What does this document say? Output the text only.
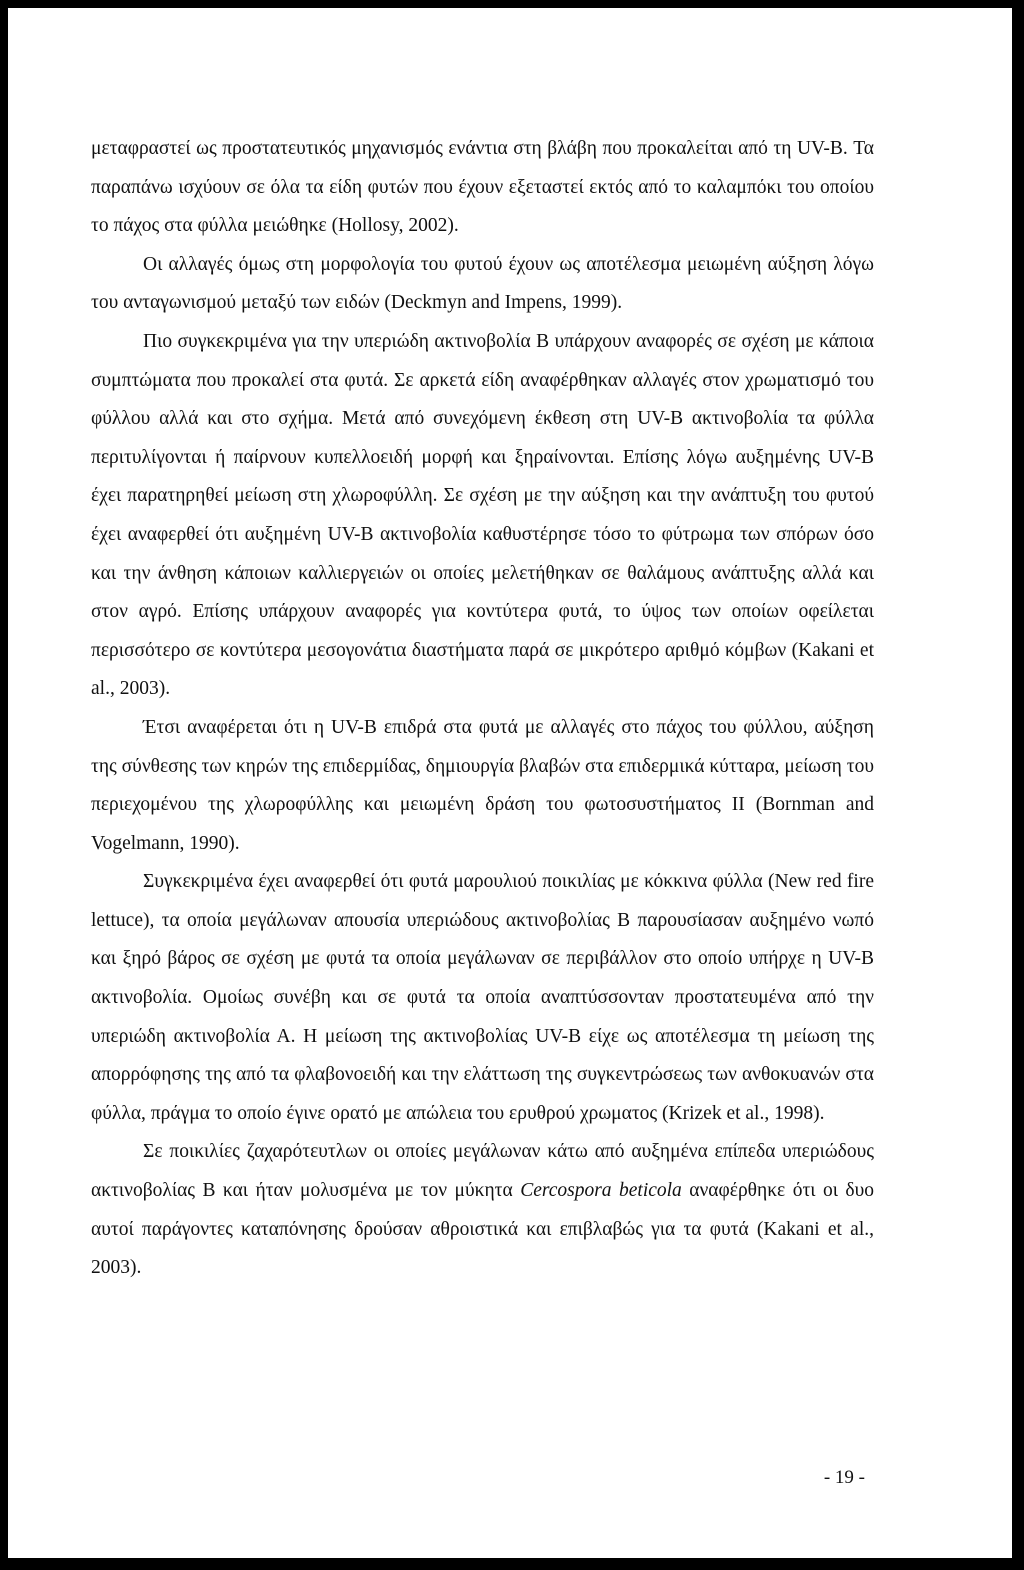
μεταφραστεί ως προστατευτικός μηχανισμός ενάντια στη βλάβη που προκαλείται από τη UV-B. Τα παραπάνω ισχύουν σε όλα τα είδη φυτών που έχουν εξεταστεί εκτός από το καλαμπόκι του οποίου το πάχος στα φύλλα μειώθηκε (Hollosy, 2002).

Οι αλλαγές όμως στη μορφολογία του φυτού έχουν ως αποτέλεσμα μειωμένη αύξηση λόγω του ανταγωνισμού μεταξύ των ειδών (Deckmyn and Impens, 1999).

Πιο συγκεκριμένα για την υπεριώδη ακτινοβολία Β υπάρχουν αναφορές σε σχέση με κάποια συμπτώματα που προκαλεί στα φυτά. Σε αρκετά είδη αναφέρθηκαν αλλαγές στον χρωματισμό του φύλλου αλλά και στο σχήμα. Μετά από συνεχόμενη έκθεση στη UV-B ακτινοβολία τα φύλλα περιτυλίγονται ή παίρνουν κυπελλοειδή μορφή και ξηραίνονται. Επίσης λόγω αυξημένης UV-B έχει παρατηρηθεί μείωση στη χλωροφύλλη. Σε σχέση με την αύξηση και την ανάπτυξη του φυτού έχει αναφερθεί ότι αυξημένη UV-B ακτινοβολία καθυστέρησε τόσο το φύτρωμα των σπόρων όσο και την άνθηση κάποιων καλλιεργειών οι οποίες μελετήθηκαν σε θαλάμους ανάπτυξης αλλά και στον αγρό. Επίσης υπάρχουν αναφορές για κοντύτερα φυτά, το ύψος των οποίων οφείλεται περισσότερο σε κοντύτερα μεσογονάτια διαστήματα παρά σε μικρότερο αριθμό κόμβων (Kakani et al., 2003).

Έτσι αναφέρεται ότι η UV-B επιδρά στα φυτά με αλλαγές στο πάχος του φύλλου, αύξηση της σύνθεσης των κηρών της επιδερμίδας, δημιουργία βλαβών στα επιδερμικά κύτταρα, μείωση του περιεχομένου της χλωροφύλλης και μειωμένη δράση του φωτοσυστήματος II (Bornman and Vogelmann, 1990).

Συγκεκριμένα έχει αναφερθεί ότι φυτά μαρουλιού ποικιλίας με κόκκινα φύλλα (New red fire lettuce), τα οποία μεγάλωναν απουσία υπεριώδους ακτινοβολίας Β παρουσίασαν αυξημένο νωπό και ξηρό βάρος σε σχέση με φυτά τα οποία μεγάλωναν σε περιβάλλον στο οποίο υπήρχε η UV-B ακτινοβολία. Ομοίως συνέβη και σε φυτά τα οποία αναπτύσσονταν προστατευμένα από την υπεριώδη ακτινοβολία Α. Η μείωση της ακτινοβολίας UV-B είχε ως αποτέλεσμα τη μείωση της απορρόφησης της από τα φλαβονοειδή και την ελάττωση της συγκεντρώσεως των ανθοκυανών στα φύλλα, πράγμα το οποίο έγινε ορατό με απώλεια του ερυθρού χρωματος (Krizek et al., 1998).

Σε ποικιλίες ζαχαρότευτλων οι οποίες μεγάλωναν κάτω από αυξημένα επίπεδα υπεριώδους ακτινοβολίας Β και ήταν μολυσμένα με τον μύκητα Cercospora beticola αναφέρθηκε ότι οι δυο αυτοί παράγοντες καταπόνησης δρούσαν αθροιστικά και επιβλαβώς για τα φυτά (Kakani et al., 2003).

- 19 -
